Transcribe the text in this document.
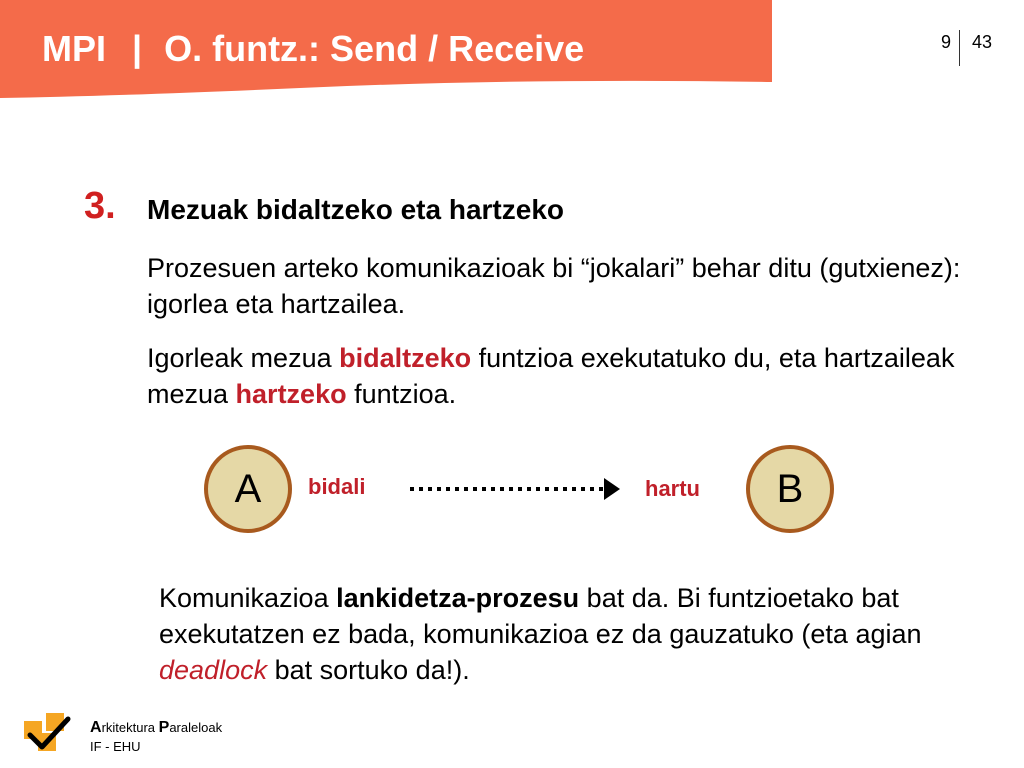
MPI | O. funtz.: Send / Receive	9 43
3. Mezuak bidaltzeko eta hartzeko
Prozesuen arteko komunikazioak bi “jokalari” behar ditu (gutxienez): igorlea eta hartzailea.
Igorleak mezua bidaltzeko funtzioa exekutatuko du, eta hartzaileak mezua hartzeko funtzioa.
A	bidali	hartu	B
Komunikazioa lankidetza-prozesu bat da. Bi funtzioetako bat exekutatzen ez bada, komunikazioa ez da gauzatuko (eta agian deadlock bat sortuko da!).
Arkitektura Paraleloak
IF - EHU
